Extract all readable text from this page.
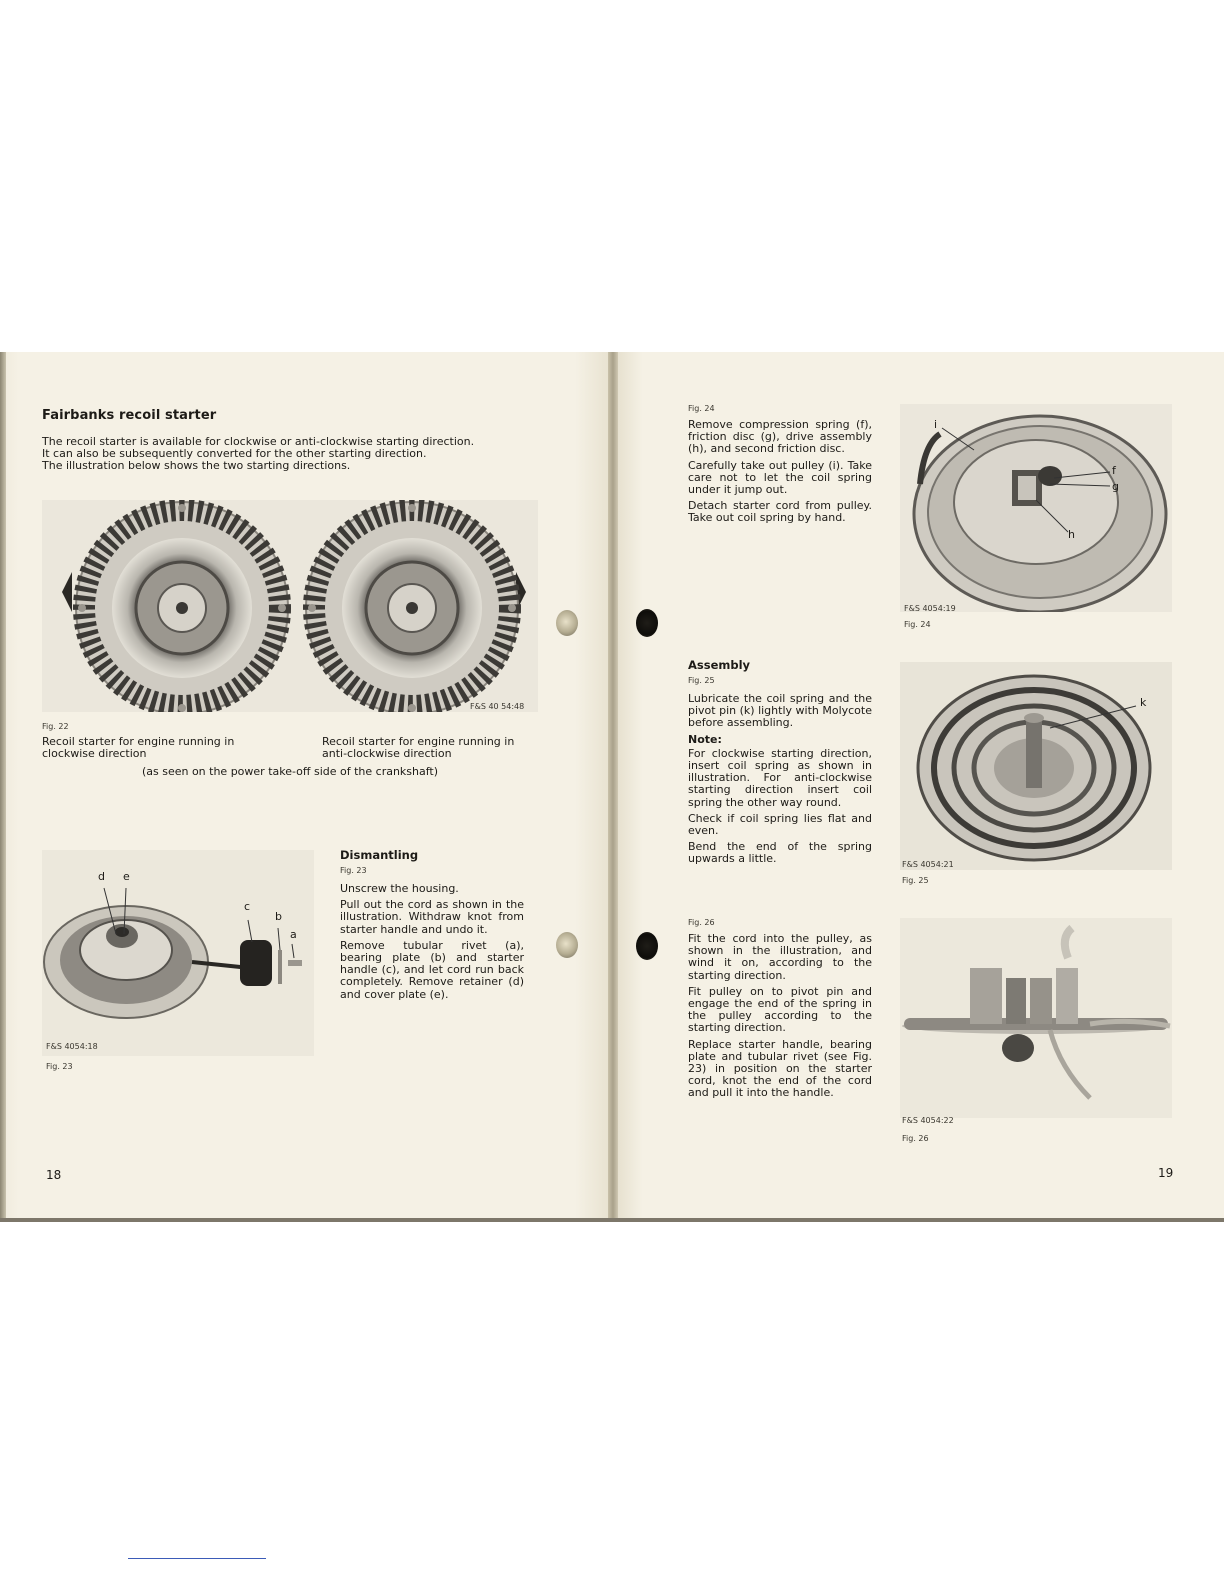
Fairbanks recoil starter
The recoil starter is available for clockwise or anti-clockwise starting direction.
It can also be subsequently converted for the other starting direction.
The illustration below shows the two starting directions.
F&S 40 54:48
Fig. 22
Recoil starter for engine running in clockwise direction
Recoil starter for engine running in anti-clockwise direction
(as seen on the power take-off side of the crankshaft)
d e
c
b
a
F&S 4054:18
Fig. 23
Dismantling
Fig. 23

Unscrew the housing.

Pull out the cord as shown in the illustration. Withdraw knot from starter handle and undo it.

Remove tubular rivet (a), bearing plate (b) and starter handle (c), and let cord run back completely. Remove retainer (d) and cover plate (e).

18
Fig. 24

Remove compression spring (f), friction disc (g), drive assembly (h), and second friction disc.

Carefully take out pulley (i). Take care not to let the coil spring under it jump out.

Detach starter cord from pulley. Take out coil spring by hand.

i
f
g
h
F&S 4054:19
Fig. 24
Assembly
Fig. 25

Lubricate the coil spring and the pivot pin (k) lightly with Molycote before assembling.

Note:

For clockwise starting direction, insert coil spring as shown in illustration. For anti-clockwise starting direction insert coil spring the other way round.

Check if coil spring lies flat and even.

Bend the end of the spring upwards a little.

k
F&S 4054:21
Fig. 25
Fig. 26

Fit the cord into the pulley, as shown in the illustration, and wind it on, according to the starting direction.

Fit pulley on to pivot pin and engage the end of the spring in the pulley according to the starting direction.

Replace starter handle, bearing plate and tubular rivet (see Fig. 23) in position on the starter cord, knot the end of the cord and pull it into the handle.

F&S 4054:22
Fig. 26
19
